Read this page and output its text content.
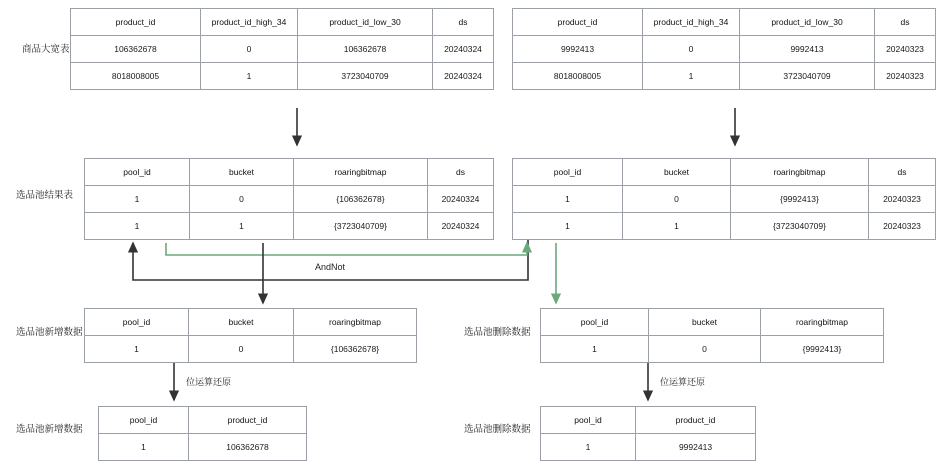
商品大宽表
选品池结果表
选品池新增数据	选品池删除数据
选品池新增数据	选品池删除数据
AndNot
位运算还原	位运算还原
product_id	product_id_high_34	product_id_low_30	ds
106362678	0	106362678	20240324
8018008005	1	3723040709	20240324
product_id	product_id_high_34	product_id_low_30	ds
9992413	0	9992413	20240323
8018008005	1	3723040709	20240323
pool_id	bucket	roaringbitmap	ds
1	0	{106362678}	20240324
1	1	{3723040709}	20240324
pool_id	bucket	roaringbitmap	ds
1	0	{9992413}	20240323
1	1	{3723040709}	20240323
pool_id	bucket	roaringbitmap
1	0	{106362678}
pool_id	bucket	roaringbitmap
1	0	{9992413}
pool_id	product_id
1	106362678
pool_id	product_id
1	9992413
